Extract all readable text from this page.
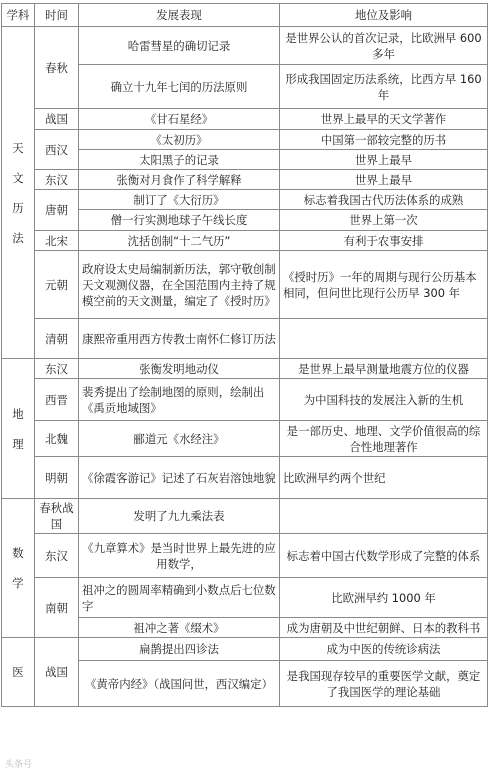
学科	时间	发展表现	地位及影响

天
文
历
法	春秋	哈雷彗星的确切记录	是世界公认的首次记录，比欧洲早 600 多年
		确立十九年七闰的历法原则	形成我国固定历法系统，比西方早 160 年
	战国	《甘石星经》	世界上最早的天文学著作
	西汉	《太初历》	中国第一部较完整的历书
		太阳黑子的记录	世界上最早
	东汉	张衡对月食作了科学解释	世界上最早
	唐朝	制订了《大衍历》	标志着我国古代历法体系的成熟
		僧一行实测地球子午线长度	世界上第一次
	北宋	沈括创制“十二气历”	有利于农事安排
	元朝	政府设太史局编制新历法，郭守敬创制天文观测仪器，在全国范围内主持了规模空前的天文测量，编定了《授时历》	《授时历》一年的周期与现行公历基本相同，但问世比现行公历早 300 年
	清朝	康熙帝重用西方传教士南怀仁修订历法	

地
理	东汉	张衡发明地动仪	是世界上最早测量地震方位的仪器
	西晋	裴秀提出了绘制地图的原则，绘制出《禹贡地域图》	为中国科技的发展注入新的生机
	北魏	郦道元《水经注》	是一部历史、地理、文学价值很高的综合性地理著作
	明朝	《徐霞客游记》记述了石灰岩溶蚀地貌	比欧洲早约两个世纪

数
学	春秋战国	发明了九九乘法表	
	东汉	《九章算术》是当时世界上最先进的应用数学，	标志着中国古代数学形成了完整的体系
	南朝	祖冲之的圆周率精确到小数点后七位数字	比欧洲早约 1000 年
		祖冲之著《缀术》	成为唐朝及中世纪朝鲜、日本的教科书

医	战国	扁鹊提出四诊法	成为中医的传统诊病法
		《黄帝内经》（战国问世，西汉编定）	是我国现存较早的重要医学文献，奠定了我国医学的理论基础
头条号
